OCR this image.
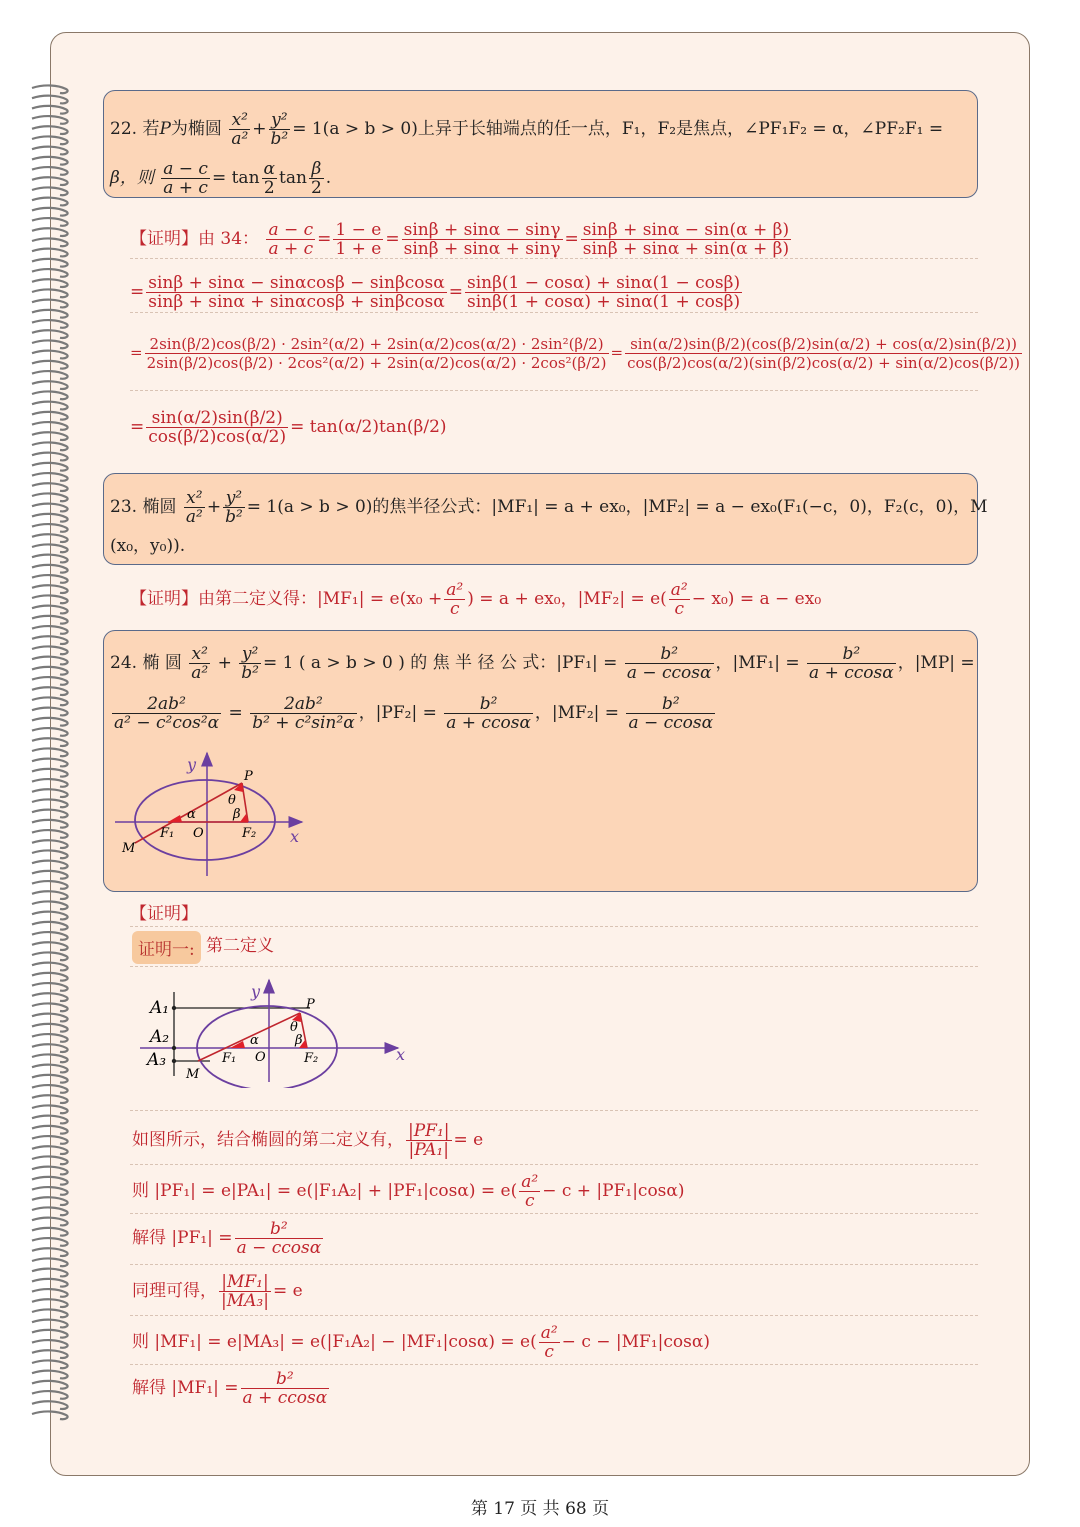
22. 若P为椭圆 $\frac{\text{x²}}{\text{a²}} + \frac{\text{y²}}{\text{b²}} = 1(a > b > 0)$上异于长轴端点的任一点，F₁，F₂是焦点，∠PF₁F₂ = α，∠PF₂F₁ =
β，则 $\frac{a - c}{a + c} = \tan \frac{\alpha}{2}$ $\tan \frac{\beta}{2}$ .
【证明】由 34： $\frac{a - c}{a + c} = \frac{1 - e}{1 + e} = \frac{\sin\beta + \sin\alpha - \sin\gamma}{\sin\beta + \sin\alpha + \sin\gamma} = \frac{\sin\beta + \sin\alpha - \sin(\alpha + \beta)}{\sin\beta + \sin\alpha + \sin(\alpha + \beta)}$
= $\frac{\sin\beta + \sin\alpha - \sin\alpha\cos\beta - \sin\beta\cos\alpha}{\sin\beta + \sin\alpha + \sin\alpha\cos\beta + \sin\beta\cos\alpha} = \frac{\sin\beta(1 - \cos\alpha) + \sin\alpha(1 - \cos\beta)}{\sin\beta(1 + \cos\alpha) + \sin\alpha(1 + \cos\beta)}$
= 2sin(β/2)cos(β/2) · 2sin²(α/2) + 2sin(α/2)cos(α/2) · 2sin²(β/2)
2sin(β/2)cos(β/2) · 2cos²(α/2) + 2sin(α/2)cos(α/2) · 2cos²(β/2)
= $\frac{\sin(\alpha/2)\sin(\beta/2)(\cos(\beta/2)\sin(\alpha/2) + \cos(\alpha/2)\sin(\beta/2))}{\cos(\beta/2)\cos(\alpha/2)(\sin(\beta/2)\cos(\alpha/2) + \sin(\alpha/2)\cos(\beta/2))}$
= $\frac{\sin(\alpha/2)\sin(\beta/2)}{\cos(\beta/2)\cos(\alpha/2)} = \tan(\alpha/2)\tan(\beta/2)$
23. 椭圆 $\frac{\text{x²}}{\text{a²}} + \frac{\text{y²}}{\text{b²}} = 1(a > b > 0)$的焦半径公式：|MF₁| = a + ex₀，|MF₂| = a − ex₀(F₁(−c，0)，F₂(c，0)，M
(x₀，y₀)).
【证明】由第二定义得：$|MF_1| = e(x_0 + \frac{\text{a²}}{c}$ ) = a + ex₀，$|MF_2| = e( \frac{\text{a²}}{c} - x_0) = a - ex_0$
24. 椭 圆 $\frac{\text{x²}}{\text{a²}} + \frac{\text{y²}}{\text{b²}} = 1$ ( a > b > 0 ) 的 焦 半 径 公 式：$|PF_1| = \frac{\text{b²}}{a - ccos\alpha}$ ，$|MF_1| = \frac{\text{b²}}{a + ccos\alpha}$ ，|MP| =
$\frac{\text{2ab²}}{\text{a² − c²cos²α}} = \frac{\text{2ab²}}{\text{b² + c²sin²α}}$ ，$|PF_2| = \frac{\text{b²}}{a + ccos\alpha}$ ，$|MF_2| = \frac{\text{b²}}{a - ccos\alpha}$
y
x
P
θ
α	β
F₁ O	F₂
M
【证明】
证明一: 第二定义
A₁
A₂
A₃
y
x
P
θ
α	β
F₁ O	F₂
M
如图所示，结合椭圆的第二定义有， $\frac{\text{|PF₁|}}{\text{|PA₁|}} = e$
则 $|PF_1| = e|PA_1| = e(|F_1A_2| + |PF_1|\cos\alpha) = e( \frac{\text{a²}}{c} - c + |PF_1|\cos\alpha)$
解得 $|PF_1| = \frac{\text{b²}}{a - ccos\alpha}$
同理可得， $\frac{\text{|MF₁|}}{\text{|MA₃|}} = e$
则 $|MF_1| = e|MA_3| = e(|F_1A_2| - |MF_1|\cos\alpha) = e( \frac{\text{a²}}{c} - c - |MF_1|\cos\alpha)$
解得 $|MF_1| = \frac{\text{b²}}{a + ccos\alpha}$
第 17 页 共 68 页
